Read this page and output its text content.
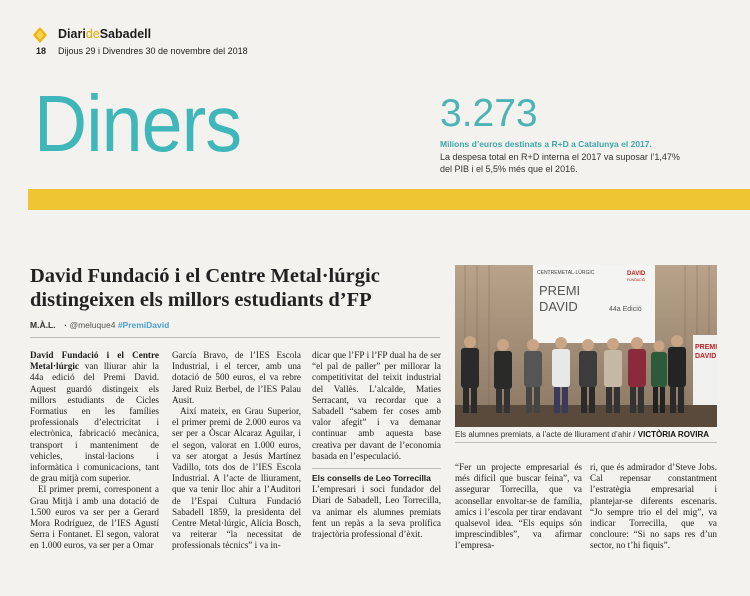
DiarideSabadell
18 Dijous 29 i Divendres 30 de novembre del 2018
Diners	3.273
Milions d’euros destinats a R+D a Catalunya el 2017.
La despesa total en R+D interna el 2017 va suposar l’1,47% del PIB i el 5,5% més que el 2016.
David Fundació i el Centre Metal·lúrgic distingeixen els millors estudiants d’FP
M.À.L. · @meluque4 #PremiDavid

David Fundació i el Centre Metal·lúrgic van lliurar ahir la 44a edició del Premi David. Aquest guardó distingeix els millors estudiants de Cicles Formatius en les famílies professionals d’electricitat i electrònica, fabricació mecànica, transport i manteniment de vehicles, instal·lacions i informàtica i comunicacions, tant de grau mitjà com superior.

El primer premi, corresponent a Grau Mitjà i amb una dotació de 1.500 euros va ser per a Gerard Mora Rodríguez, de l’IES Agustí Serra i Fontanet. El segon, valorat en 1.000 euros, va ser per a Omar

García Bravo, de l’IES Escola Industrial, i el tercer, amb una dotació de 500 euros, el va rebre Jared Ruiz Berbel, de l’IES Palau Ausit.

Així mateix, en Grau Superior, el primer premi de 2.000 euros va ser per a Òscar Alcaraz Aguilar, i el segon, valorat en 1.000 euros, va ser atorgat a Jesús Martínez Vadillo, tots dos de l’IES Escola Industrial. A l’acte de lliurament, que va tenir lloc ahir a l’Auditori de l’Espai Cultura Fundació Sabadell 1859, la presidenta del Centre Metal·lúrgic, Alícia Bosch, va reiterar “la necessitat de professionals tècnics” i va in-

dicar que l’FP i l’FP dual ha de ser “el pal de paller” per millorar la competitivitat del teixit industrial del Vallès. L’alcalde, Maties Serracant, va recordar que a Sabadell “sabem fer coses amb valor afegit” i va demanar continuar amb aquesta base creativa per davant de l’economia basada en l’especulació.

Els consells de Leo Torrecilla

L’empresari i soci fundador del Diari de Sabadell, Leo Torrecilla, va animar els alumnes premiats fent un repàs a la seva prolífica trajectòria professional d’èxit.

“Fer un projecte empresarial és més difícil que buscar feina”, va assegurar Torrecilla, que va aconsellar envoltar-se de família, amics i l’escola per tirar endavant qualsevol idea. “Els equips són imprescindibles”, va afirmar l’empresa-

ri, que és admirador d’Steve Jobs. Cal repensar constantment l’estratègia empresarial i plantejar-se diferents escenaris. “Jo sempre trio el del mig”, va indicar Torrecilla, que va concloure: “Si no saps res d’un sector, no t’hi fiquis”.

CENTREMETAL·LÚRGIC
PREMI
DAVID	44a Edició
DAVID
FUNDACIÓ
PREMI
DAVID
Els alumnes premiats, a l’acte de lliurament d’ahir / VICTÒRIA ROVIRA
